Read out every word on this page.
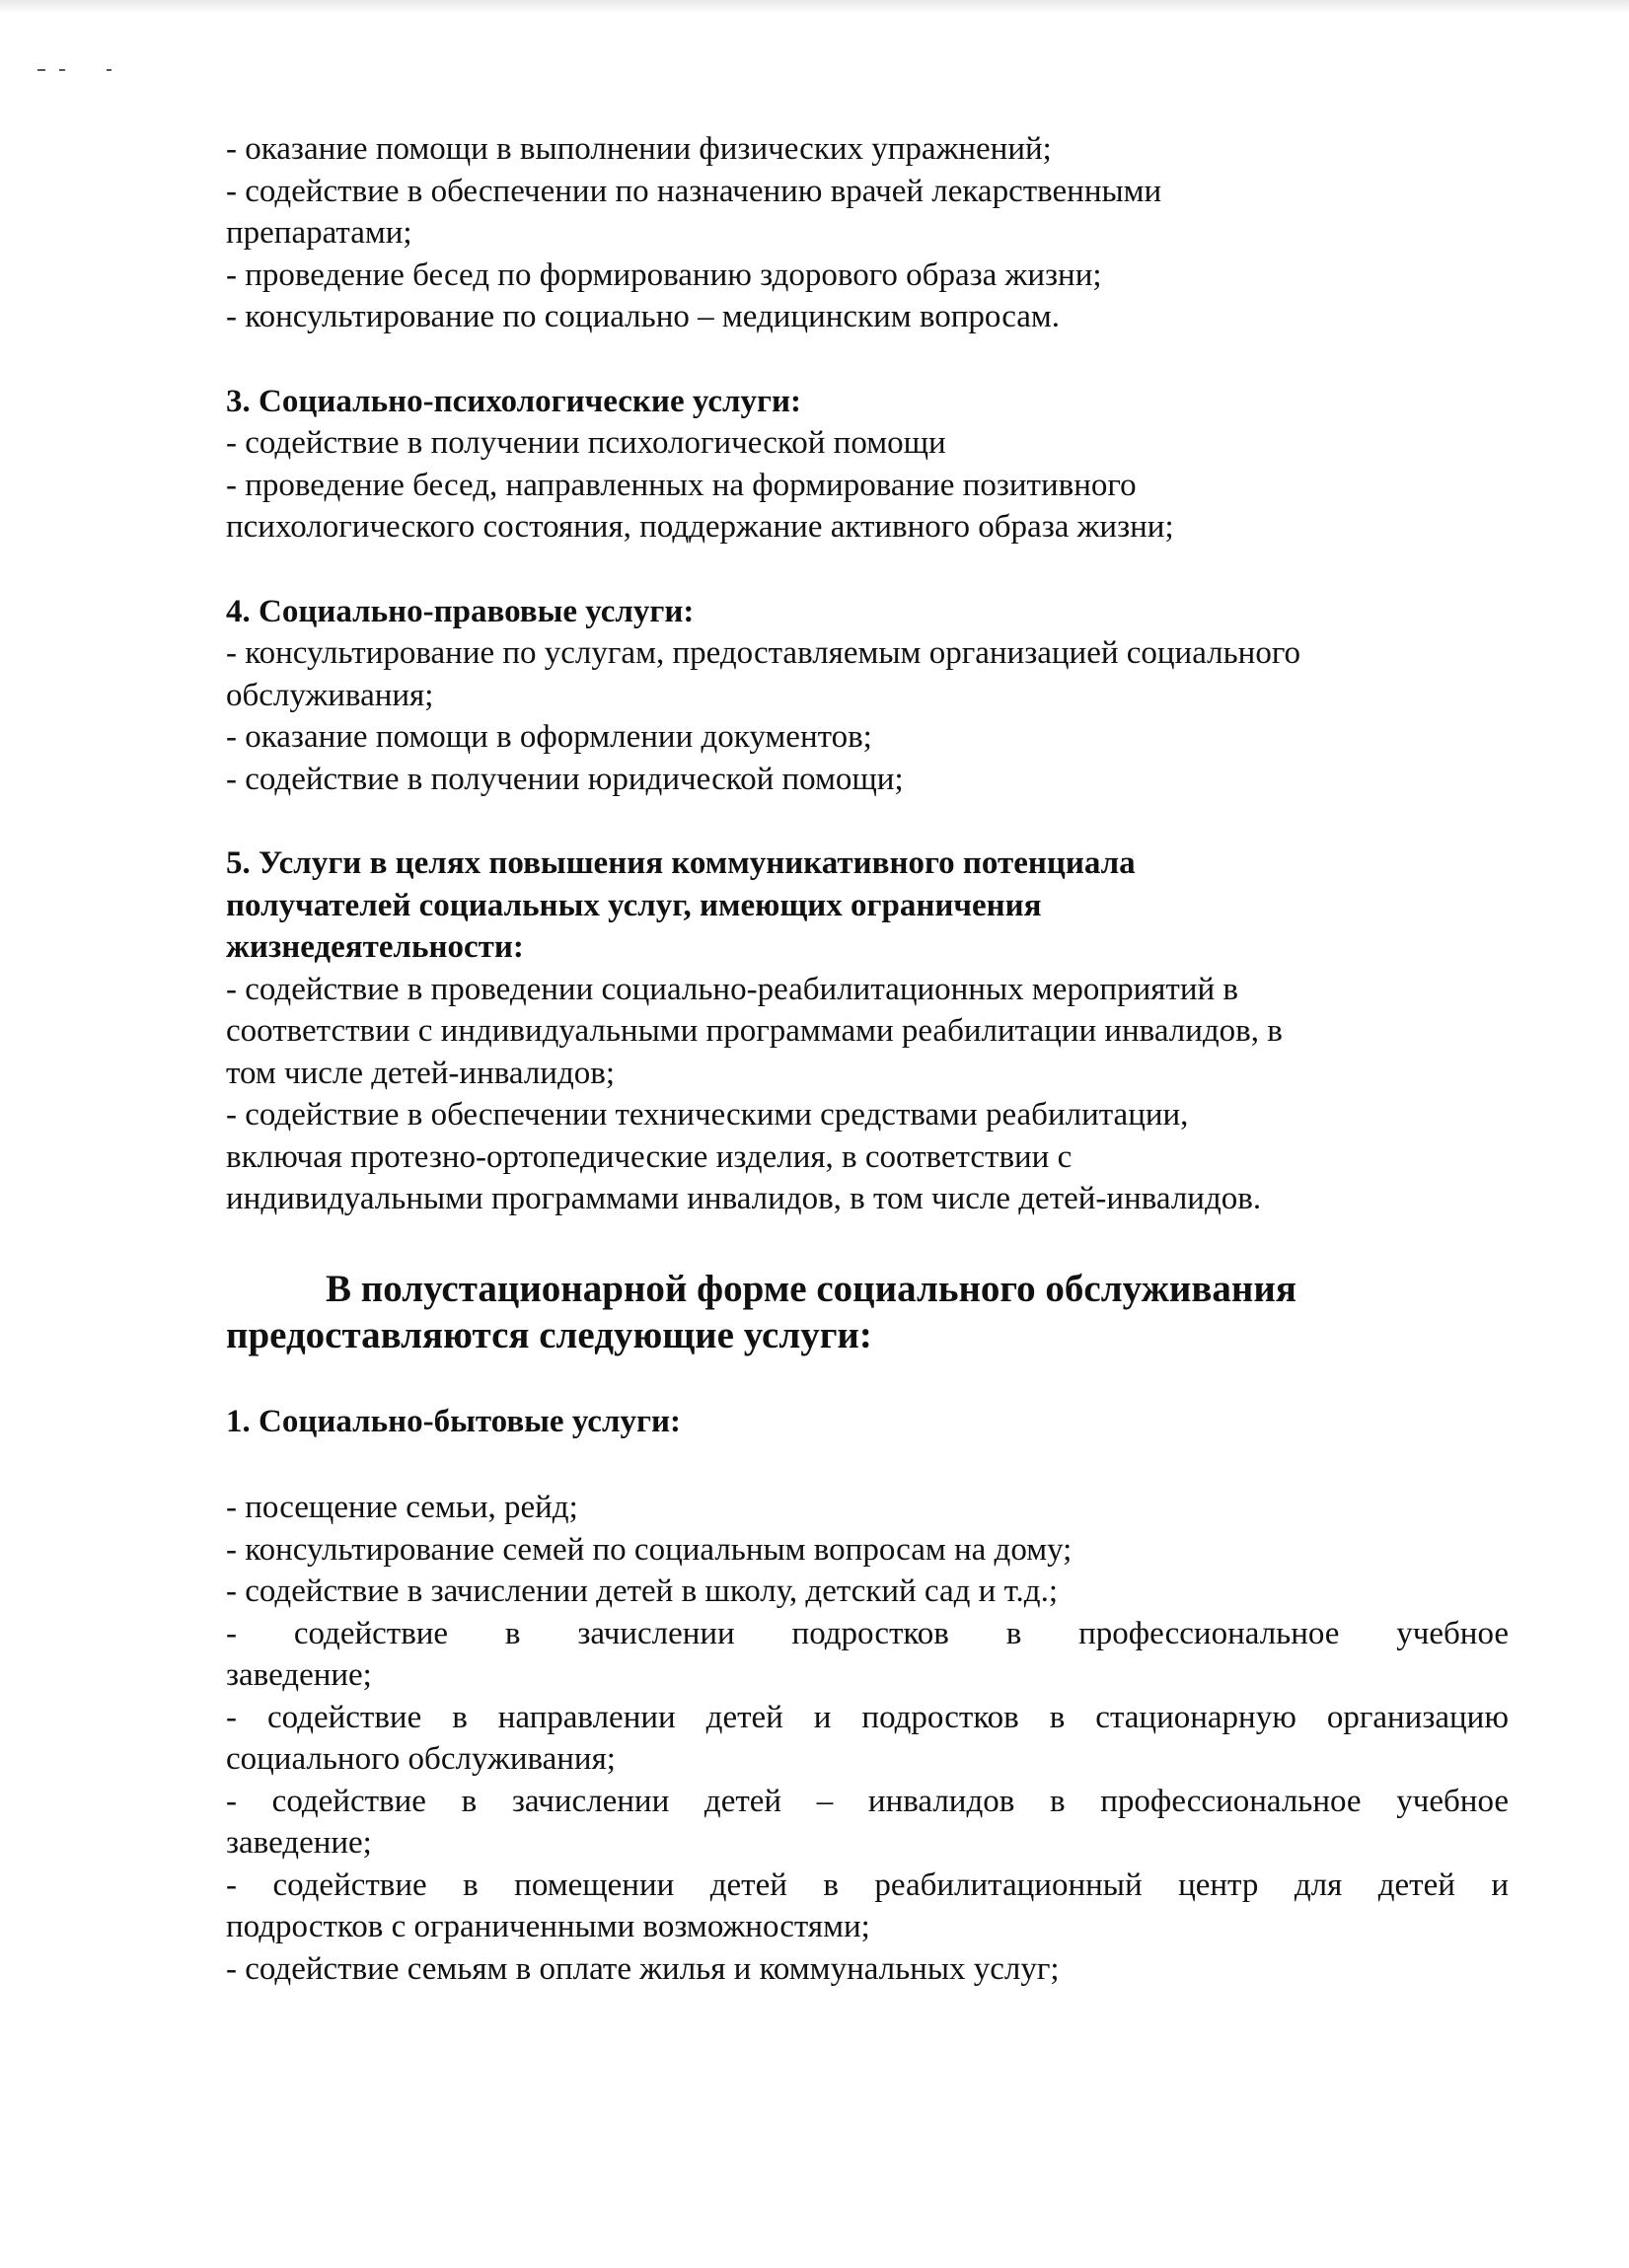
- оказание помощи в выполнении физических упражнений;

- содействие в обеспечении по назначению врачей лекарственными

препаратами;

- проведение бесед по формированию здорового образа жизни;

- консультирование по социально – медицинским вопросам.

3. Социально-психологические услуги:

- содействие в получении психологической помощи

- проведение бесед, направленных на формирование позитивного

психологического состояния, поддержание активного образа жизни;

4. Социально-правовые услуги:

- консультирование по услугам, предоставляемым организацией социального

обслуживания;

- оказание помощи в оформлении документов;

- содействие в получении юридической помощи;

5. Услуги в целях повышения коммуникативного потенциала

получателей социальных услуг, имеющих ограничения

жизнедеятельности:

- содействие в проведении социально-реабилитационных мероприятий в

соответствии с индивидуальными программами реабилитации инвалидов, в

том числе детей-инвалидов;

- содействие в обеспечении техническими средствами реабилитации,

включая протезно-ортопедические изделия, в соответствии с

индивидуальными программами инвалидов, в том числе детей-инвалидов.

В полустационарной форме социального обслуживания

предоставляются следующие услуги:

1. Социально-бытовые услуги:

- посещение семьи, рейд;

- консультирование семей по социальным вопросам на дому;

- содействие в зачислении детей в школу, детский сад и т.д.;

- содействие в зачислении подростков в профессиональное учебное

заведение;

- содействие в направлении детей и подростков в стационарную организацию

социального обслуживания;

- содействие в зачислении детей – инвалидов в профессиональное учебное

заведение;

- содействие в помещении детей в реабилитационный центр для детей и

подростков с ограниченными возможностями;

- содействие семьям в оплате жилья и коммунальных услуг;
